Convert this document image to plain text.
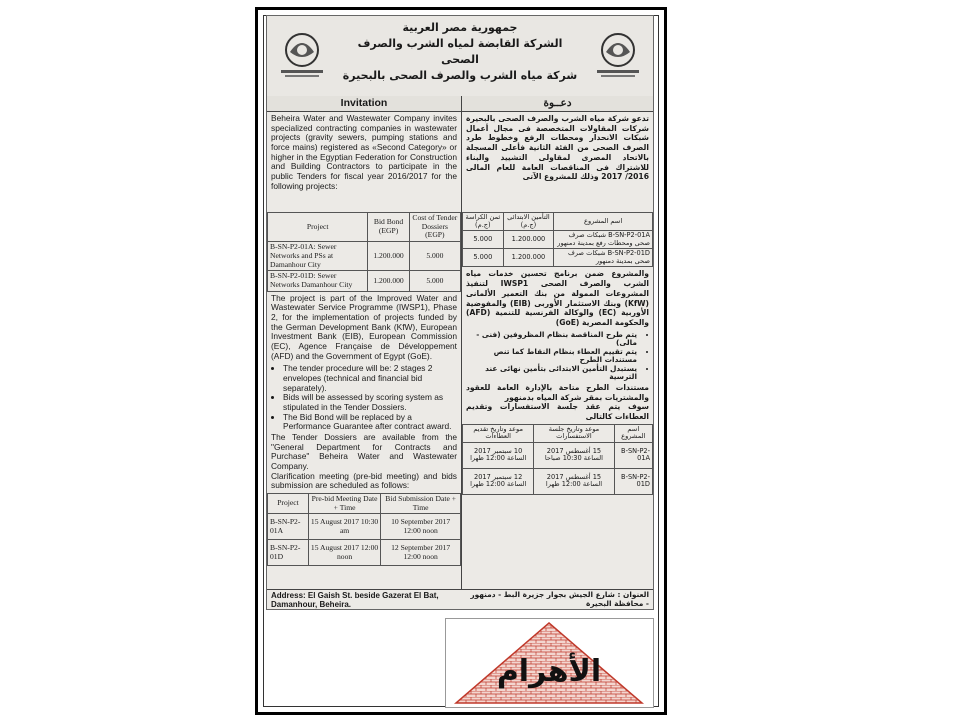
جمهورية مصر العربية
الشركة القابضة لمياه الشرب والصرف الصحى
شركة مياه الشرب والصرف الصحى بالبحيرة
Invitation
Beheira Water and Wastewater Company invites specialized contracting companies in wastewater projects (gravity sewers, pumping stations and force mains) registered as «Second Category» or higher in the Egyptian Federation for Construction and Building Contractors to participate in the public Tenders for fiscal year 2016/2017 for the following projects:
Project	Bid Bond (EGP)	Cost of Tender Dossiers (EGP)
B-SN-P2-01A: Sewer Networks and PSs at Damanhour City	1.200.000	5.000
B-SN-P2-01D: Sewer Networks Damanhour City	1.200.000	5.000
The project is part of the Improved Water and Wastewater Service Programme (IWSP1), Phase 2, for the implementation of projects funded by the German Development Bank (KfW), European Investment Bank (EIB), European Commission (EC), Agence Française de Développement (AFD) and the Government of Egypt (GoE).
• The tender procedure will be: 2 stages 2 envelopes (technical and financial bid separately).
• Bids will be assessed by scoring system as stipulated in the Tender Dossiers.
• The Bid Bond will be replaced by a Performance Guarantee after contract award.
The Tender Dossiers are available from the "General Department for Contracts and Purchase" Beheira Water and Wastewater Company.
Clarification meeting (pre-bid meeting) and bids submission are scheduled as follows:
Project	Pre-bid Meeting Date + Time	Bid Submission Date + Time
B-SN-P2-01A	15 August 2017 10:30 am	10 September 2017 12:00 noon
B-SN-P2-01D	15 August 2017 12:00 noon	12 September 2017 12:00 noon
دعــوة
تدعو شركة مياه الشرب والصرف الصحى بالبحيرة شركات المقاولات المتخصصة فى مجال أعمال شبكات الانحدار ومحطات الرفع وخطوط طرد الصرف الصحى من الفئة الثانية فأعلى المسجلة بالاتحاد المصرى لمقاولى التشييد والبناء للاشتراك فى المناقصات العامة للعام المالى 2016/ 2017 وذلك للمشروع الآتى
اسم المشروع	التأمين الابتدائى (ج.م)	ثمن الكراسة (ج.م)
B-SN-P2-01A شبكات صرف صحى ومحطات رفع بمدينة دمنهور	1.200.000	5.000
B-SN-P2-01D شبكات صرف صحى بمدينة دمنهور	1.200.000	5.000
والمشروع ضمن برنامج تحسين خدمات مياه الشرب والصرف الصحى IWSP1 لتنفيذ المشروعات الممولة من بنك التعمير الألمانى (KfW) وبنك الاستثمار الأوربى (EIB) والمفوضية الأوربية (EC) والوكالة الفرنسية للتنمية (AFD) والحكومة المصرية (GoE)
• يتم طرح المناقصة بنظام المظروفين (فنى - مالى)
• يتم تقييم العطاء بنظام النقاط كما تنص مستندات الطرح
• يستبدل التأمين الابتدائى بتأمين نهائى عند الترسية
مستندات الطرح متاحة بالإدارة العامة للعقود والمشتريات بمقر شركة المياه بدمنهور
سوف يتم عقد جلسة الاستفسارات وتقديم العطاءات كالتالى
اسم المشروع	موعد وتاريخ جلسة الاستفسارات	موعد وتاريخ تقديم العطاءات
B-SN-P2-01A	15 أغسطس 2017 الساعة 10:30 صباحا	10 سبتمبر 2017 الساعة 12:00 ظهرا
B-SN-P2-01D	15 أغسطس 2017 الساعة 12:00 ظهرا	12 سبتمبر 2017 الساعة 12:00 ظهرا
Address: El Gaish St. beside Gazerat El Bat, Damanhour, Beheira.
العنوان : شارع الجيش بجوار جزيرة البط - دمنهور - محافظة البحيرة
الأهرام
